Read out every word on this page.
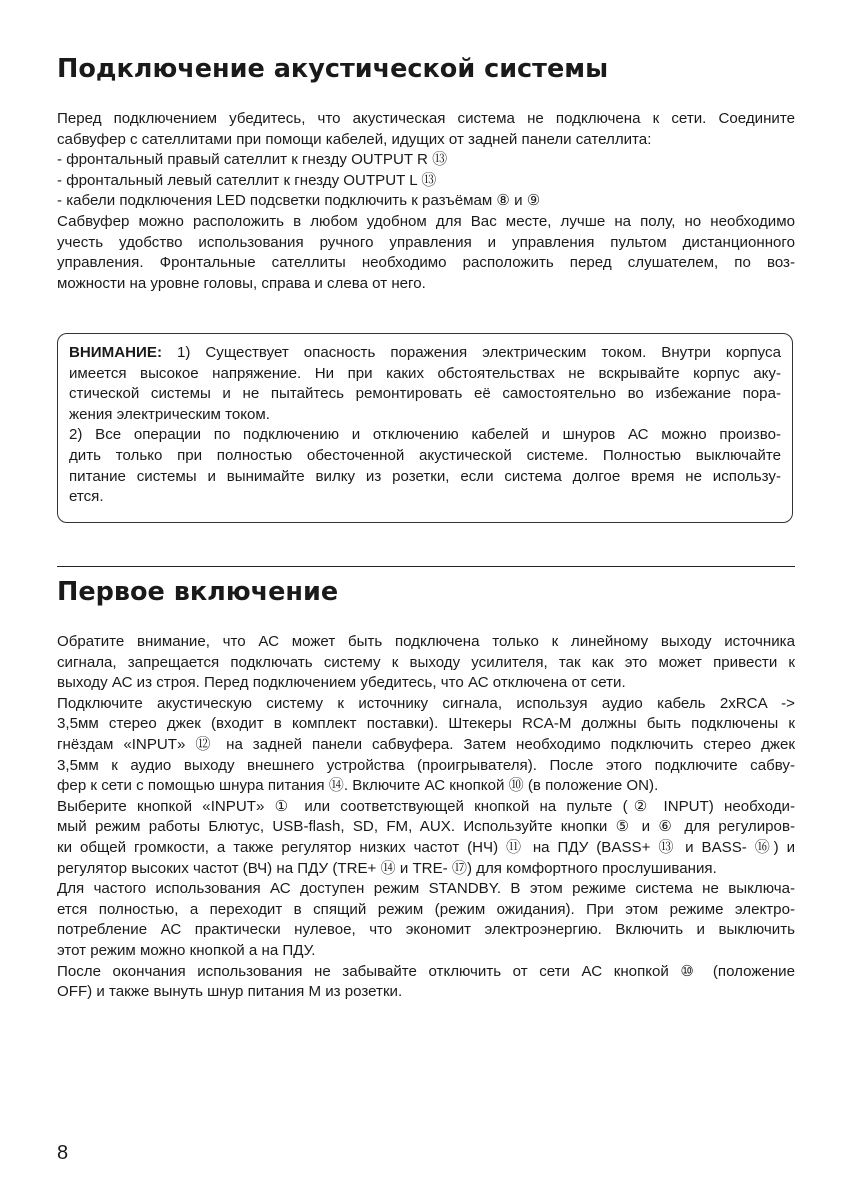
Подключение акустической системы
Перед подключением убедитесь, что акустическая система не подключена к сети. Соедините
сабвуфер с сателлитами при помощи кабелей, идущих от задней панели сателлита:
- фронтальный правый сателлит к гнезду OUTPUT R ⑬
- фронтальный левый сателлит к гнезду OUTPUT L ⑬
- кабели подключения LED подсветки подключить к разъёмам ⑧ и ⑨
Сабвуфер можно расположить в любом удобном для Вас месте, лучше на полу, но необходимо
учесть удобство использования ручного управления и управления пультом дистанционного
управления. Фронтальные сателлиты необходимо расположить перед слушателем, по воз-
можности на уровне головы, справа и слева от него.
ВНИМАНИЕ: 1) Существует опасность поражения электрическим током. Внутри корпуса
имеется высокое напряжение. Ни при каких обстоятельствах не вскрывайте корпус аку-
стической системы и не пытайтесь ремонтировать её самостоятельно во избежание пора-
жения электрическим током.
2) Все операции по подключению и отключению кабелей и шнуров АС можно произво-
дить только при полностью обесточенной акустической системе. Полностью выключайте
питание системы и вынимайте вилку из розетки, если система долгое время не использу-
ется.
Первое включение
Обратите внимание, что АС может быть подключена только к линейному выходу источника
сигнала, запрещается подключать систему к выходу усилителя, так как это может привести к
выходу АС из строя. Перед подключением убедитесь, что АС отключена от сети.
Подключите акустическую систему к источнику сигнала, используя аудио кабель 2xRCA ->
3,5мм стерео джек (входит в комплект поставки). Штекеры RCA-M должны быть подключены к
гнёздам «INPUT» ⑫ на задней панели сабвуфера. Затем необходимо подключить стерео джек
3,5мм к аудио выходу внешнего устройства (проигрывателя). После этого подключите сабву-
фер к сети с помощью шнура питания ⑭. Включите АС кнопкой ⑩ (в положение ON).
Выберите кнопкой «INPUT» ① или соответствующей кнопкой на пульте (② INPUT) необходи-
мый режим работы Блютус, USB-flash, SD, FM, AUX. Используйте кнопки ⑤ и ⑥ для регулиров-
ки общей громкости, а также регулятор низких частот (НЧ) ⑪ на ПДУ (BASS+ ⑬ и BASS- ⑯) и
регулятор высоких частот (ВЧ) на ПДУ (TRE+ ⑭ и TRE- ⑰) для комфортного прослушивания.
Для частого использования АС доступен режим STANDBY. В этом режиме система не выключа-
ется полностью, а переходит в спящий режим (режим ожидания). При этом режиме электро-
потребление АС практически нулевое, что экономит электроэнергию. Включить и выключить
этот режим можно кнопкой а на ПДУ.
После окончания использования не забывайте отключить от сети АС кнопкой ⑩ (положение
OFF) и также вынуть шнур питания М из розетки.
8
